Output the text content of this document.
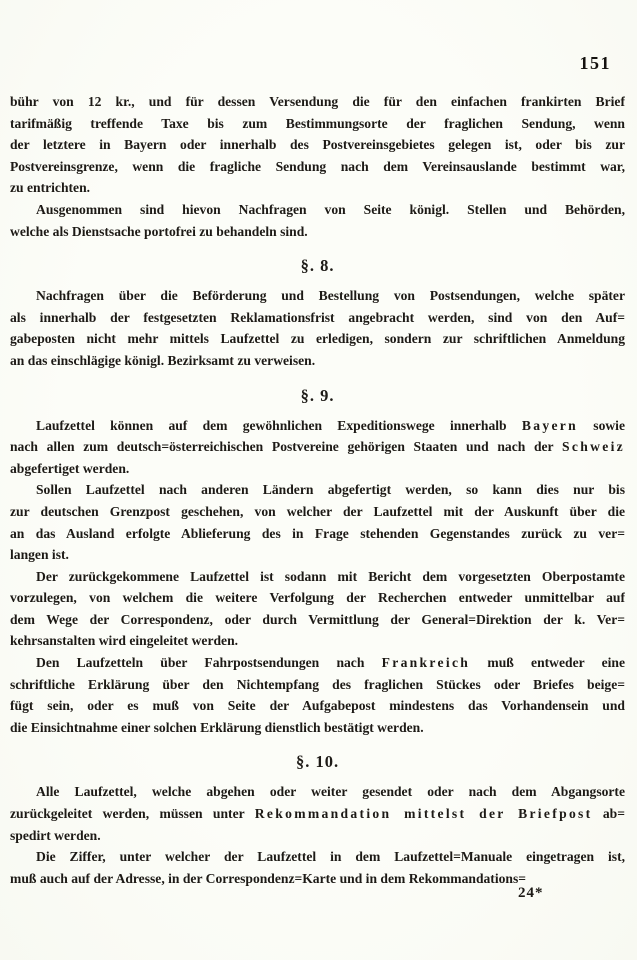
151
bühr von 12 kr., und für dessen Versendung die für den einfachen frankirten Brief
tarifmäßig treffende Taxe bis zum Bestimmungsorte der fraglichen Sendung, wenn
der letztere in Bayern oder innerhalb des Postvereinsgebietes gelegen ist, oder bis zur
Postvereinsgrenze, wenn die fragliche Sendung nach dem Vereinsauslande bestimmt war,
zu entrichten.
Ausgenommen sind hievon Nachfragen von Seite königl. Stellen und Behörden,
welche als Dienstsache portofrei zu behandeln sind.
§. 8.
Nachfragen über die Beförderung und Bestellung von Postsendungen, welche später
als innerhalb der festgesetzten Reklamationsfrist angebracht werden, sind von den Auf=
gabeposten nicht mehr mittels Laufzettel zu erledigen, sondern zur schriftlichen Anmeldung
an das einschlägige königl. Bezirksamt zu verweisen.
§. 9.
Laufzettel können auf dem gewöhnlichen Expeditionswege innerhalb Bayern sowie
nach allen zum deutsch=österreichischen Postvereine gehörigen Staaten und nach der Schweiz
abgefertiget werden.
Sollen Laufzettel nach anderen Ländern abgefertigt werden, so kann dies nur bis
zur deutschen Grenzpost geschehen, von welcher der Laufzettel mit der Auskunft über die
an das Ausland erfolgte Ablieferung des in Frage stehenden Gegenstandes zurück zu ver=
langen ist.
Der zurückgekommene Laufzettel ist sodann mit Bericht dem vorgesetzten Oberpostamte
vorzulegen, von welchem die weitere Verfolgung der Recherchen entweder unmittelbar auf
dem Wege der Correspondenz, oder durch Vermittlung der General=Direktion der k. Ver=
kehrsanstalten wird eingeleitet werden.
Den Laufzetteln über Fahrpostsendungen nach Frankreich muß entweder eine
schriftliche Erklärung über den Nichtempfang des fraglichen Stückes oder Briefes beige=
fügt sein, oder es muß von Seite der Aufgabepost mindestens das Vorhandensein und
die Einsichtnahme einer solchen Erklärung dienstlich bestätigt werden.
§. 10.
Alle Laufzettel, welche abgehen oder weiter gesendet oder nach dem Abgangsorte
zurückgeleitet werden, müssen unter Rekommandation mittelst der Briefpost ab=
spedirt werden.
Die Ziffer, unter welcher der Laufzettel in dem Laufzettel=Manuale eingetragen ist,
muß auch auf der Adresse, in der Correspondenz=Karte und in dem Rekommandations=
24*
